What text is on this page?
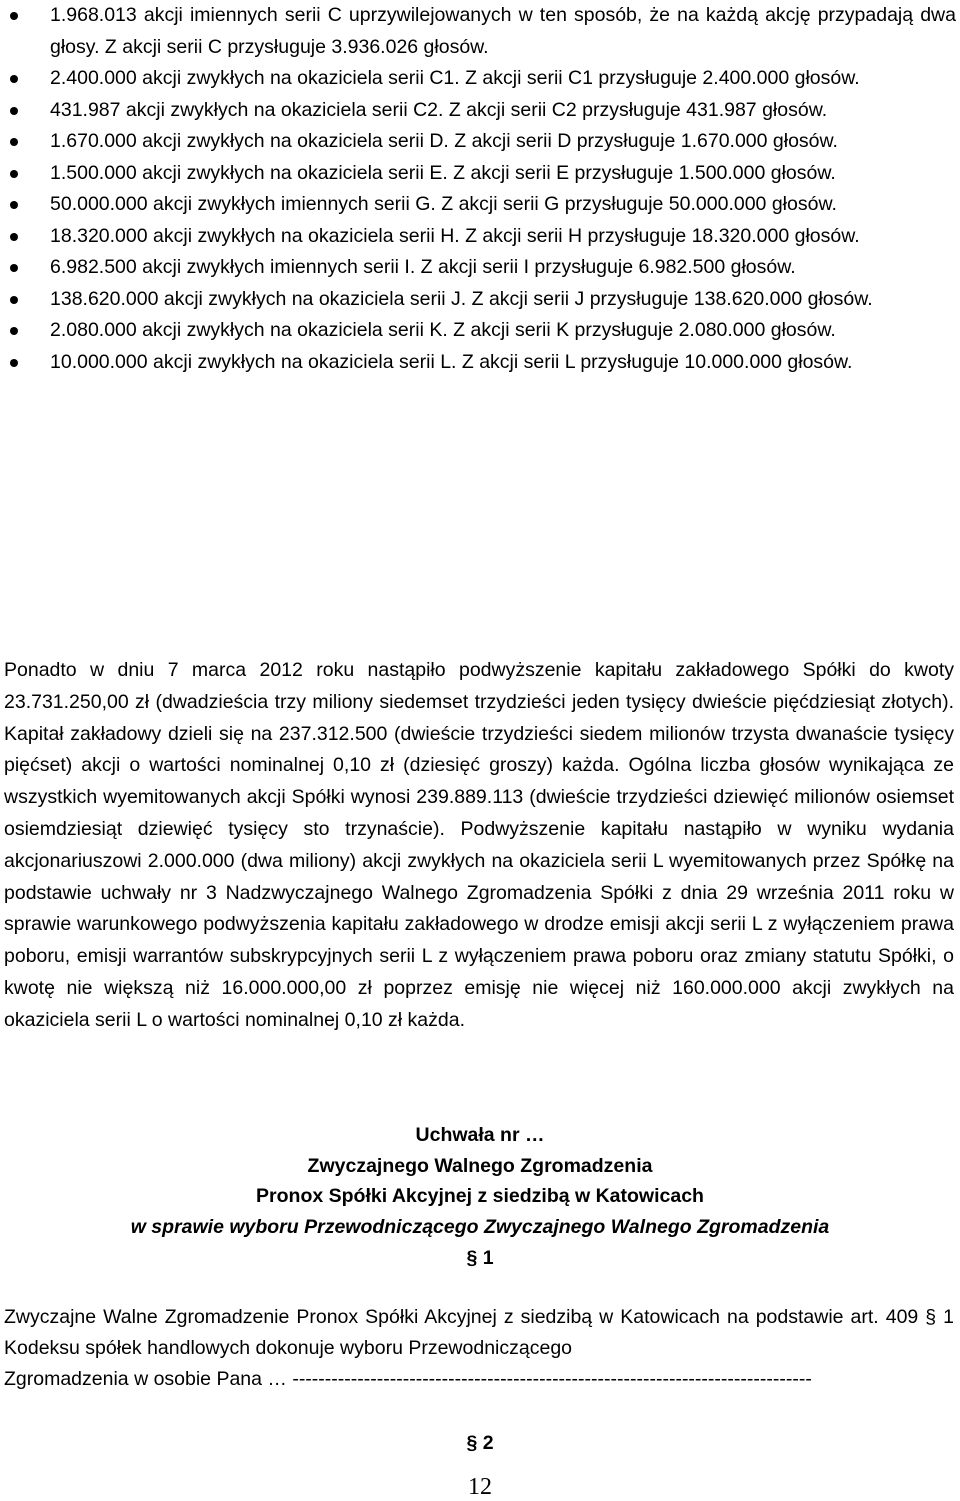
1.968.013 akcji imiennych serii C uprzywilejowanych w ten sposób, że na każdą akcję przypadają dwa głosy. Z akcji serii C przysługuje 3.936.026 głosów.
2.400.000 akcji zwykłych na okaziciela serii C1. Z akcji serii C1 przysługuje 2.400.000 głosów.
431.987 akcji zwykłych na okaziciela serii C2. Z akcji serii C2 przysługuje 431.987 głosów.
1.670.000 akcji zwykłych na okaziciela serii D. Z akcji serii D przysługuje 1.670.000 głosów.
1.500.000 akcji zwykłych na okaziciela serii E. Z akcji serii E przysługuje 1.500.000 głosów.
50.000.000 akcji zwykłych imiennych serii G. Z akcji serii G przysługuje 50.000.000 głosów.
18.320.000 akcji zwykłych na okaziciela serii H. Z akcji serii H przysługuje 18.320.000 głosów.
6.982.500 akcji zwykłych imiennych serii I. Z akcji serii I przysługuje 6.982.500 głosów.
138.620.000 akcji zwykłych na okaziciela serii J. Z akcji serii J przysługuje 138.620.000 głosów.
2.080.000 akcji zwykłych na okaziciela serii K. Z akcji serii K przysługuje 2.080.000 głosów.
10.000.000 akcji zwykłych na okaziciela serii L. Z akcji serii L przysługuje 10.000.000 głosów.

Ponadto w dniu 7 marca 2012 roku nastąpiło podwyższenie kapitału zakładowego Spółki do kwoty 23.731.250,00 zł (dwadzieścia trzy miliony siedemset trzydzieści jeden tysięcy dwieście pięćdziesiąt złotych). Kapitał zakładowy dzieli się na 237.312.500 (dwieście trzydzieści siedem milionów trzysta dwanaście tysięcy pięćset) akcji o wartości nominalnej 0,10 zł (dziesięć groszy) każda. Ogólna liczba głosów wynikająca ze wszystkich wyemitowanych akcji Spółki wynosi 239.889.113 (dwieście trzydzieści dziewięć milionów osiemset osiemdziesiąt dziewięć tysięcy sto trzynaście). Podwyższenie kapitału nastąpiło w wyniku wydania akcjonariuszowi 2.000.000 (dwa miliony) akcji zwykłych na okaziciela serii L wyemitowanych przez Spółkę na podstawie uchwały nr 3 Nadzwyczajnego Walnego Zgromadzenia Spółki z dnia 29 września 2011 roku w sprawie warunkowego podwyższenia kapitału zakładowego w drodze emisji akcji serii L z wyłączeniem prawa poboru, emisji warrantów subskrypcyjnych serii L z wyłączeniem prawa poboru oraz zmiany statutu Spółki, o kwotę nie większą niż 16.000.000,00 zł poprzez emisję nie więcej niż 160.000.000 akcji zwykłych na okaziciela serii L o wartości nominalnej 0,10 zł każda.

Uchwała nr …
Zwyczajnego Walnego Zgromadzenia
Pronox Spółki Akcyjnej z siedzibą w Katowicach
w sprawie wyboru Przewodniczącego Zwyczajnego Walnego Zgromadzenia
§ 1

Zwyczajne Walne Zgromadzenie Pronox Spółki Akcyjnej z siedzibą w Katowicach na podstawie art. 409 § 1 Kodeksu spółek handlowych dokonuje wyboru Przewodniczącego
Zgromadzenia w osobie Pana … --------------------------------------------------------------------------------

§ 2
12
